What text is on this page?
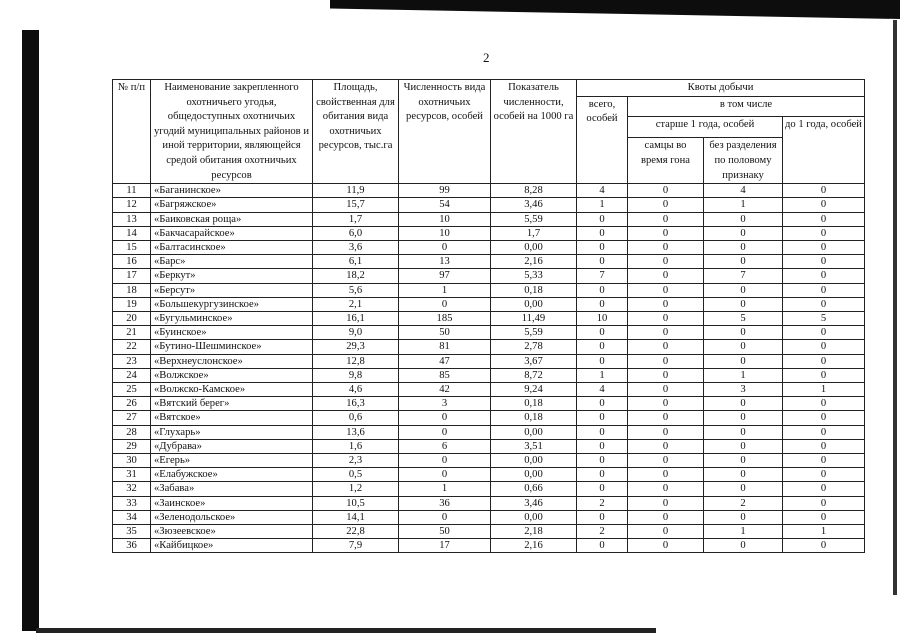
2
№ п/п	Наименование закрепленного охотничьего угодья, общедоступных охотничьих угодий муниципальных районов и иной территории, являющейся средой обитания охотничьих ресурсов	Площадь, свойственная для обитания вида охотничьих ресурсов, тыс.га	Численность вида охотничьих ресурсов, особей	Показатель численности, особей на 1000 га	Квоты добычи			
					всего, особей	в том числе		
						старше 1 года, особей		до 1 года, особей
						самцы во время гона	без разделения по половому признаку	
11	«Баганинское»	11,9	99	8,28	4	0	4	0
12	«Багряжское»	15,7	54	3,46	1	0	1	0
13	«Баиковская роща»	1,7	10	5,59	0	0	0	0
14	«Бакчасарайское»	6,0	10	1,7	0	0	0	0
15	«Балтасинское»	3,6	0	0,00	0	0	0	0
16	«Барс»	6,1	13	2,16	0	0	0	0
17	«Беркут»	18,2	97	5,33	7	0	7	0
18	«Берсут»	5,6	1	0,18	0	0	0	0
19	«Большекургузинское»	2,1	0	0,00	0	0	0	0
20	«Бугульминское»	16,1	185	11,49	10	0	5	5
21	«Буинское»	9,0	50	5,59	0	0	0	0
22	«Бутино-Шешминское»	29,3	81	2,78	0	0	0	0
23	«Верхнеуслонское»	12,8	47	3,67	0	0	0	0
24	«Волжское»	9,8	85	8,72	1	0	1	0
25	«Волжско-Камское»	4,6	42	9,24	4	0	3	1
26	«Вятский берег»	16,3	3	0,18	0	0	0	0
27	«Вятское»	0,6	0	0,18	0	0	0	0
28	«Глухарь»	13,6	0	0,00	0	0	0	0
29	«Дубрава»	1,6	6	3,51	0	0	0	0
30	«Егерь»	2,3	0	0,00	0	0	0	0
31	«Елабужское»	0,5	0	0,00	0	0	0	0
32	«Забава»	1,2	1	0,66	0	0	0	0
33	«Заинское»	10,5	36	3,46	2	0	2	0
34	«Зеленодольское»	14,1	0	0,00	0	0	0	0
35	«Зюзеевское»	22,8	50	2,18	2	0	1	1
36	«Кайбицкое»	7,9	17	2,16	0	0	0	0
